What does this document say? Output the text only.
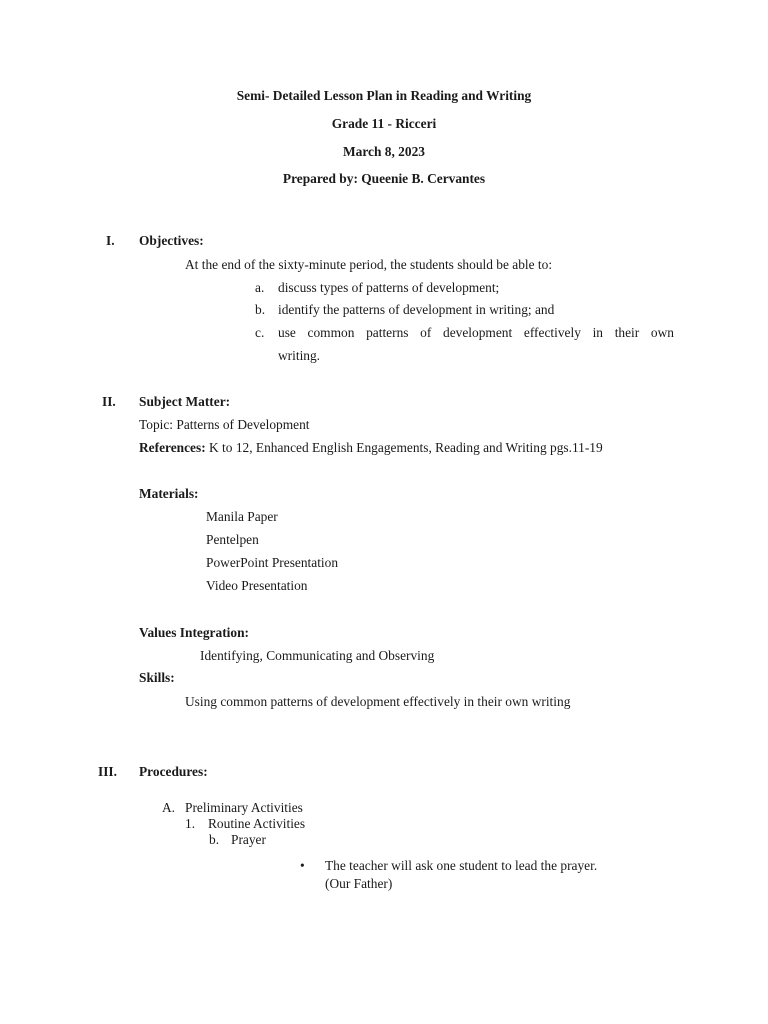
Semi- Detailed Lesson Plan in Reading and Writing
Grade 11 - Ricceri
March 8, 2023
Prepared by: Queenie B. Cervantes
I. Objectives:
At the end of the sixty-minute period, the students should be able to:
a. discuss types of patterns of development;
b. identify the patterns of development in writing; and
c. use common patterns of development effectively in their own
writing.
II. Subject Matter:
Topic: Patterns of Development
References: K to 12, Enhanced English Engagements, Reading and Writing pgs.11-19
Materials:
Manila Paper
Pentelpen
PowerPoint Presentation
Video Presentation
Values Integration:
Identifying, Communicating and Observing
Skills:
Using common patterns of development effectively in their own writing
III. Procedures:
A. Preliminary Activities
1. Routine Activities
b. Prayer
• The teacher will ask one student to lead the prayer.
(Our Father)
